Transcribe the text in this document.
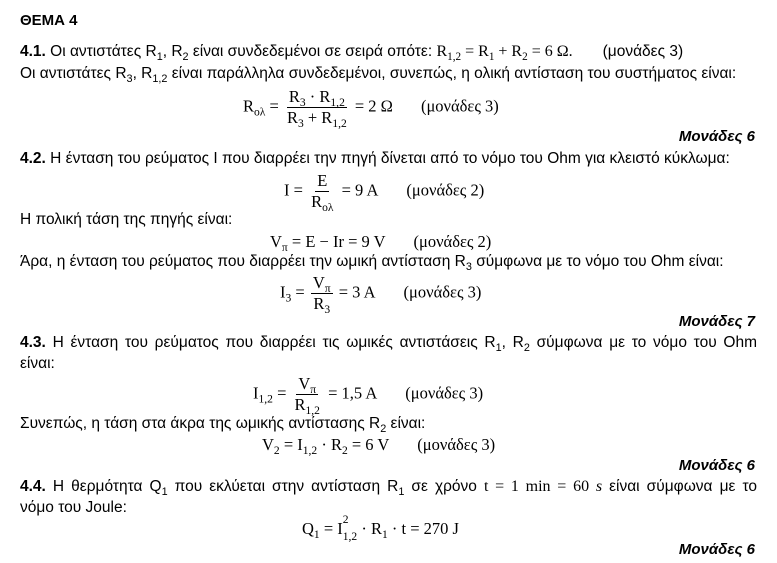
ΘΕΜΑ 4
4.1. Οι αντιστάτες $R_1$, $R_2$ είναι συνδεδεμένοι σε σειρά οπότε: $R_{1,2} = R_1 + R_2 = 6$ Ω. (μονάδες 3)
Οι αντιστάτες $R_3$, $R_{1,2}$ είναι παράλληλα συνδεδεμένοι, συνεπώς, η ολική αντίσταση του συστήματος είναι:
$R_{o\lambda} = \frac{R_3 \cdot R_{1,2}}{R_3 + R_{1,2}} = 2$ Ω (μονάδες 3)
Μονάδες 6
4.2. Η ένταση του ρεύματος I που διαρρέει την πηγή δίνεται από το νόμο του Ohm για κλειστό κύκλωμα:
I = E
$R_{o\lambda}$
= 9 A (μονάδες 2)
Η πολική τάση της πηγής είναι:
$V_\pi = E - Ir = 9$ V (μονάδες 2)
Άρα, η ένταση του ρεύματος που διαρρέει την ωμική αντίσταση $R_3$ σύμφωνα με το νόμο του Ohm είναι:
$I_3 = \frac{V_\pi}{R_3} = 3$ A (μονάδες 3)
Μονάδες 7
4.3. Η ένταση του ρεύματος που διαρρέει τις ωμικές αντιστάσεις $R_1$, $R_2$ σύμφωνα με το νόμο του Ohm
είναι:
$I_{1,2} = \frac{V_\pi}{R_{1,2}} = 1,5$ A (μονάδες 3)
Συνεπώς, η τάση στα άκρα της ωμικής αντίστασης $R_2$ είναι:
$V_2 = I_{1,2} \cdot R_2 = 6$ V (μονάδες 3)
Μονάδες 6
4.4. Η θερμότητα $Q_1$ που εκλύεται στην αντίσταση $R_1$ σε χρόνο t = 1 min = 60 s είναι σύμφωνα με το
νόμο του Joule:
$Q_1 = I$ 2
$1,2 \cdot R_1 \cdot t = 270$ J
Μονάδες 6
